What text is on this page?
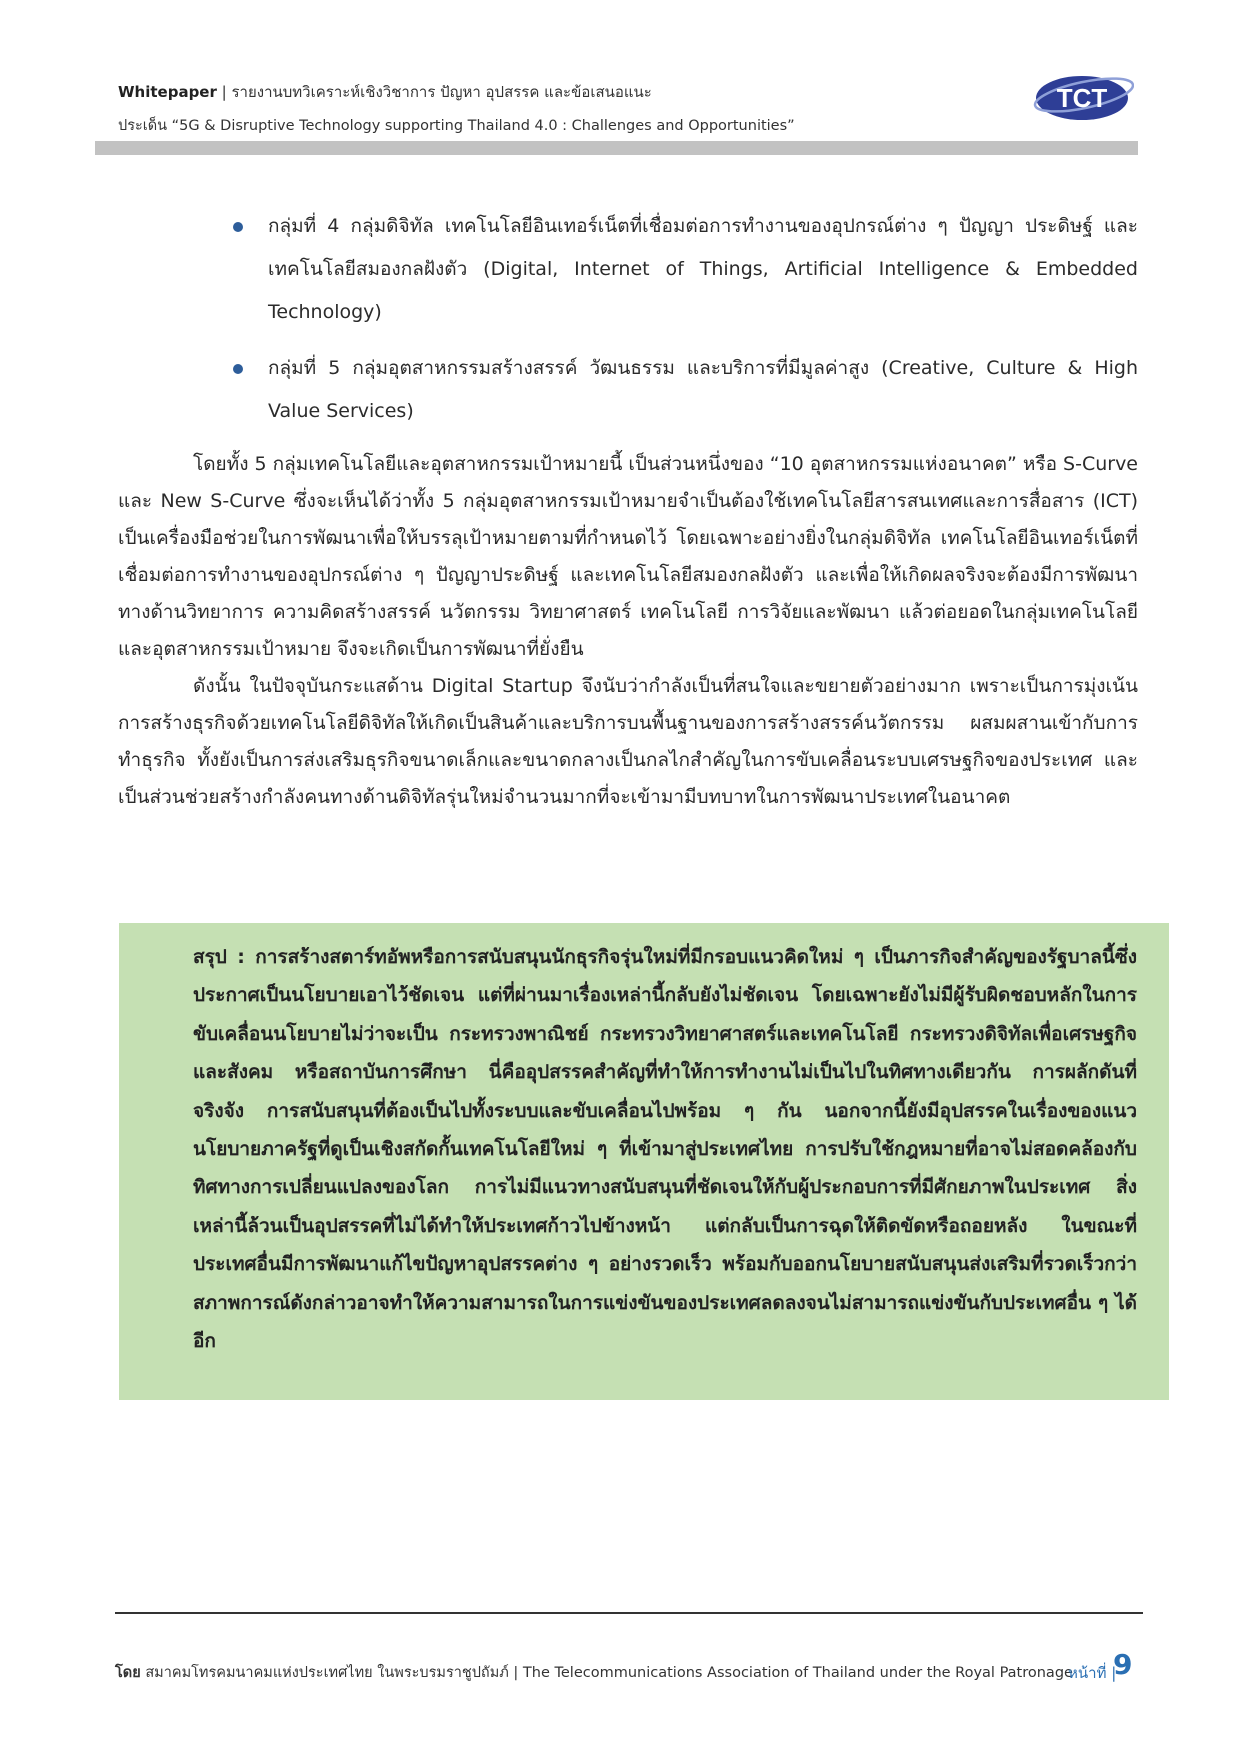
Whitepaper | รายงานบทวิเคราะห์เชิงวิชาการ ปัญหา อุปสรรค และข้อเสนอแนะ
ประเด็น “5G & Disruptive Technology supporting Thailand 4.0 : Challenges and Opportunities”
TCT
กลุ่มที่ 4 กลุ่มดิจิทัล เทคโนโลยีอินเทอร์เน็ตที่เชื่อมต่อการทำงานของอุปกรณ์ต่าง ๆ ปัญญา ประดิษฐ์ และเทคโนโลยีสมองกลฝังตัว (Digital, Internet of Things, Artificial Intelligence & Embedded Technology)
กลุ่มที่ 5 กลุ่มอุตสาหกรรมสร้างสรรค์ วัฒนธรรม และบริการที่มีมูลค่าสูง (Creative, Culture & High Value Services)

โดยทั้ง 5 กลุ่มเทคโนโลยีและอุตสาหกรรมเป้าหมายนี้ เป็นส่วนหนึ่งของ “10 อุตสาหกรรมแห่งอนาคต” หรือ S-Curve และ New S-Curve ซึ่งจะเห็นได้ว่าทั้ง 5 กลุ่มอุตสาหกรรมเป้าหมายจำเป็นต้องใช้เทคโนโลยีสารสนเทศและการสื่อสาร (ICT) เป็นเครื่องมือช่วยในการพัฒนาเพื่อให้บรรลุเป้าหมายตามที่กำหนดไว้ โดยเฉพาะอย่างยิ่งในกลุ่มดิจิทัล เทคโนโลยีอินเทอร์เน็ตที่เชื่อมต่อการทำงานของอุปกรณ์ต่าง ๆ ปัญญาประดิษฐ์ และเทคโนโลยีสมองกลฝังตัว และเพื่อให้เกิดผลจริงจะต้องมีการพัฒนาทางด้านวิทยาการ ความคิดสร้างสรรค์ นวัตกรรม วิทยาศาสตร์ เทคโนโลยี การวิจัยและพัฒนา แล้วต่อยอดในกลุ่มเทคโนโลยีและอุตสาหกรรมเป้าหมาย จึงจะเกิดเป็นการพัฒนาที่ยั่งยืน

ดังนั้น ในปัจจุบันกระแสด้าน Digital Startup จึงนับว่ากำลังเป็นที่สนใจและขยายตัวอย่างมาก เพราะเป็นการมุ่งเน้นการสร้างธุรกิจด้วยเทคโนโลยีดิจิทัลให้เกิดเป็นสินค้าและบริการบนพื้นฐานของการสร้างสรรค์นวัตกรรม ผสมผสานเข้ากับการทำธุรกิจ ทั้งยังเป็นการส่งเสริมธุรกิจขนาดเล็กและขนาดกลางเป็นกลไกสำคัญในการขับเคลื่อนระบบเศรษฐกิจของประเทศ และเป็นส่วนช่วยสร้างกำลังคนทางด้านดิจิทัลรุ่นใหม่จำนวนมากที่จะเข้ามามีบทบาทในการพัฒนาประเทศในอนาคต

สรุป : การสร้างสตาร์ทอัพหรือการสนับสนุนนักธุรกิจรุ่นใหม่ที่มีกรอบแนวคิดใหม่ ๆ เป็นภารกิจสำคัญของรัฐบาลนี้ซึ่งประกาศเป็นนโยบายเอาไว้ชัดเจน แต่ที่ผ่านมาเรื่องเหล่านี้กลับยังไม่ชัดเจน โดยเฉพาะยังไม่มีผู้รับผิดชอบหลักในการขับเคลื่อนนโยบายไม่ว่าจะเป็น กระทรวงพาณิชย์ กระทรวงวิทยาศาสตร์และเทคโนโลยี กระทรวงดิจิทัลเพื่อเศรษฐกิจและสังคม หรือสถาบันการศึกษา นี่คืออุปสรรคสำคัญที่ทำให้การทำงานไม่เป็นไปในทิศทางเดียวกัน การผลักดันที่จริงจัง การสนับสนุนที่ต้องเป็นไปทั้งระบบและขับเคลื่อนไปพร้อม ๆ กัน นอกจากนี้ยังมีอุปสรรคในเรื่องของแนวนโยบายภาครัฐที่ดูเป็นเชิงสกัดกั้นเทคโนโลยีใหม่ ๆ ที่เข้ามาสู่ประเทศไทย การปรับใช้กฎหมายที่อาจไม่สอดคล้องกับทิศทางการเปลี่ยนแปลงของโลก การไม่มีแนวทางสนับสนุนที่ชัดเจนให้กับผู้ประกอบการที่มีศักยภาพในประเทศ สิ่งเหล่านี้ล้วนเป็นอุปสรรคที่ไม่ได้ทำให้ประเทศก้าวไปข้างหน้า แต่กลับเป็นการฉุดให้ติดขัดหรือถอยหลัง ในขณะที่ประเทศอื่นมีการพัฒนาแก้ไขปัญหาอุปสรรคต่าง ๆ อย่างรวดเร็ว พร้อมกับออกนโยบายสนับสนุนส่งเสริมที่รวดเร็วกว่า สภาพการณ์ดังกล่าวอาจทำให้ความสามารถในการแข่งขันของประเทศลดลงจนไม่สามารถแข่งขันกับประเทศอื่น ๆ ได้อีก

โดย สมาคมโทรคมนาคมแห่งประเทศไทย ในพระบรมราชูปถัมภ์ | The Telecommunications Association of Thailand under the Royal Patronage
หน้าที่ |
9
